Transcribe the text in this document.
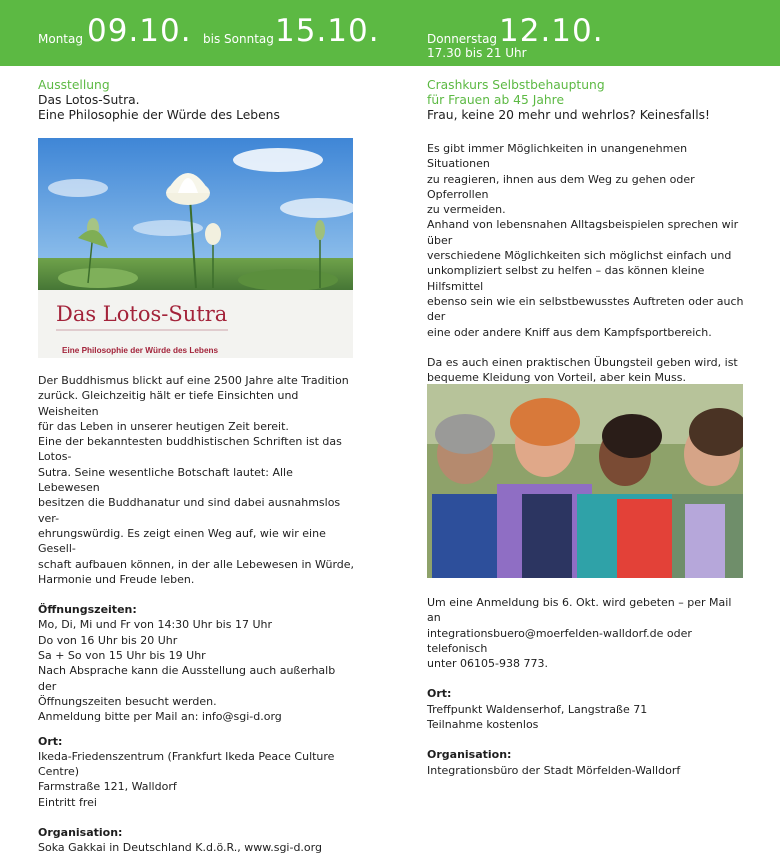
Montag 09.10. bis Sonntag 15.10.	Donnerstag 12.10.
17.30 bis 21 Uhr

Ausstellung

Das Lotos-Sutra.

Eine Philosophie der Würde des Lebens

Das Lotos-Sutra
Eine Philosophie der Würde des Lebens

Der Buddhismus blickt auf eine 2500 Jahre alte Tradition

zurück. Gleichzeitig hält er tiefe Einsichten und Weisheiten

für das Leben in unserer heutigen Zeit bereit.

Eine der bekanntesten buddhistischen Schriften ist das Lotos-

Sutra. Seine wesentliche Botschaft lautet: Alle Lebewesen

besitzen die Buddhanatur und sind dabei ausnahmslos ver-

ehrungswürdig. Es zeigt einen Weg auf, wie wir eine Gesell-

schaft aufbauen können, in der alle Lebewesen in Würde,

Harmonie und Freude leben.

Öffnungszeiten:

Mo, Di, Mi und Fr von 14:30 Uhr bis 17 Uhr

Do von 16 Uhr bis 20 Uhr

Sa + So von 15 Uhr bis 19 Uhr

Nach Absprache kann die Ausstellung auch außerhalb der

Öffnungszeiten besucht werden.

Anmeldung bitte per Mail an: info@sgi-d.org

Ort:

Ikeda-Friedenszentrum (Frankfurt Ikeda Peace Culture Centre)

Farmstraße 121, Walldorf

Eintritt frei

Organisation:

Soka Gakkai in Deutschland K.d.ö.R., www.sgi-d.org

Crashkurs Selbstbehauptung

für Frauen ab 45 Jahre

Frau, keine 20 mehr und wehrlos? Keinesfalls!

Es gibt immer Möglichkeiten in unangenehmen Situationen

zu reagieren, ihnen aus dem Weg zu gehen oder Opferrollen

zu vermeiden.

Anhand von lebensnahen Alltagsbeispielen sprechen wir über

verschiedene Möglichkeiten sich möglichst einfach und

unkompliziert selbst zu helfen – das können kleine Hilfsmittel

ebenso sein wie ein selbstbewusstes Auftreten oder auch der

eine oder andere Kniff aus dem Kampfsportbereich.

Da es auch einen praktischen Übungsteil geben wird, ist

bequeme Kleidung von Vorteil, aber kein Muss.

Um eine Anmeldung bis 6. Okt. wird gebeten – per Mail an

integrationsbuero@moerfelden-walldorf.de oder telefonisch

unter 06105-938 773.

Ort:

Treffpunkt Waldenserhof, Langstraße 71

Teilnahme kostenlos

Organisation:

Integrationsbüro der Stadt Mörfelden-Walldorf
